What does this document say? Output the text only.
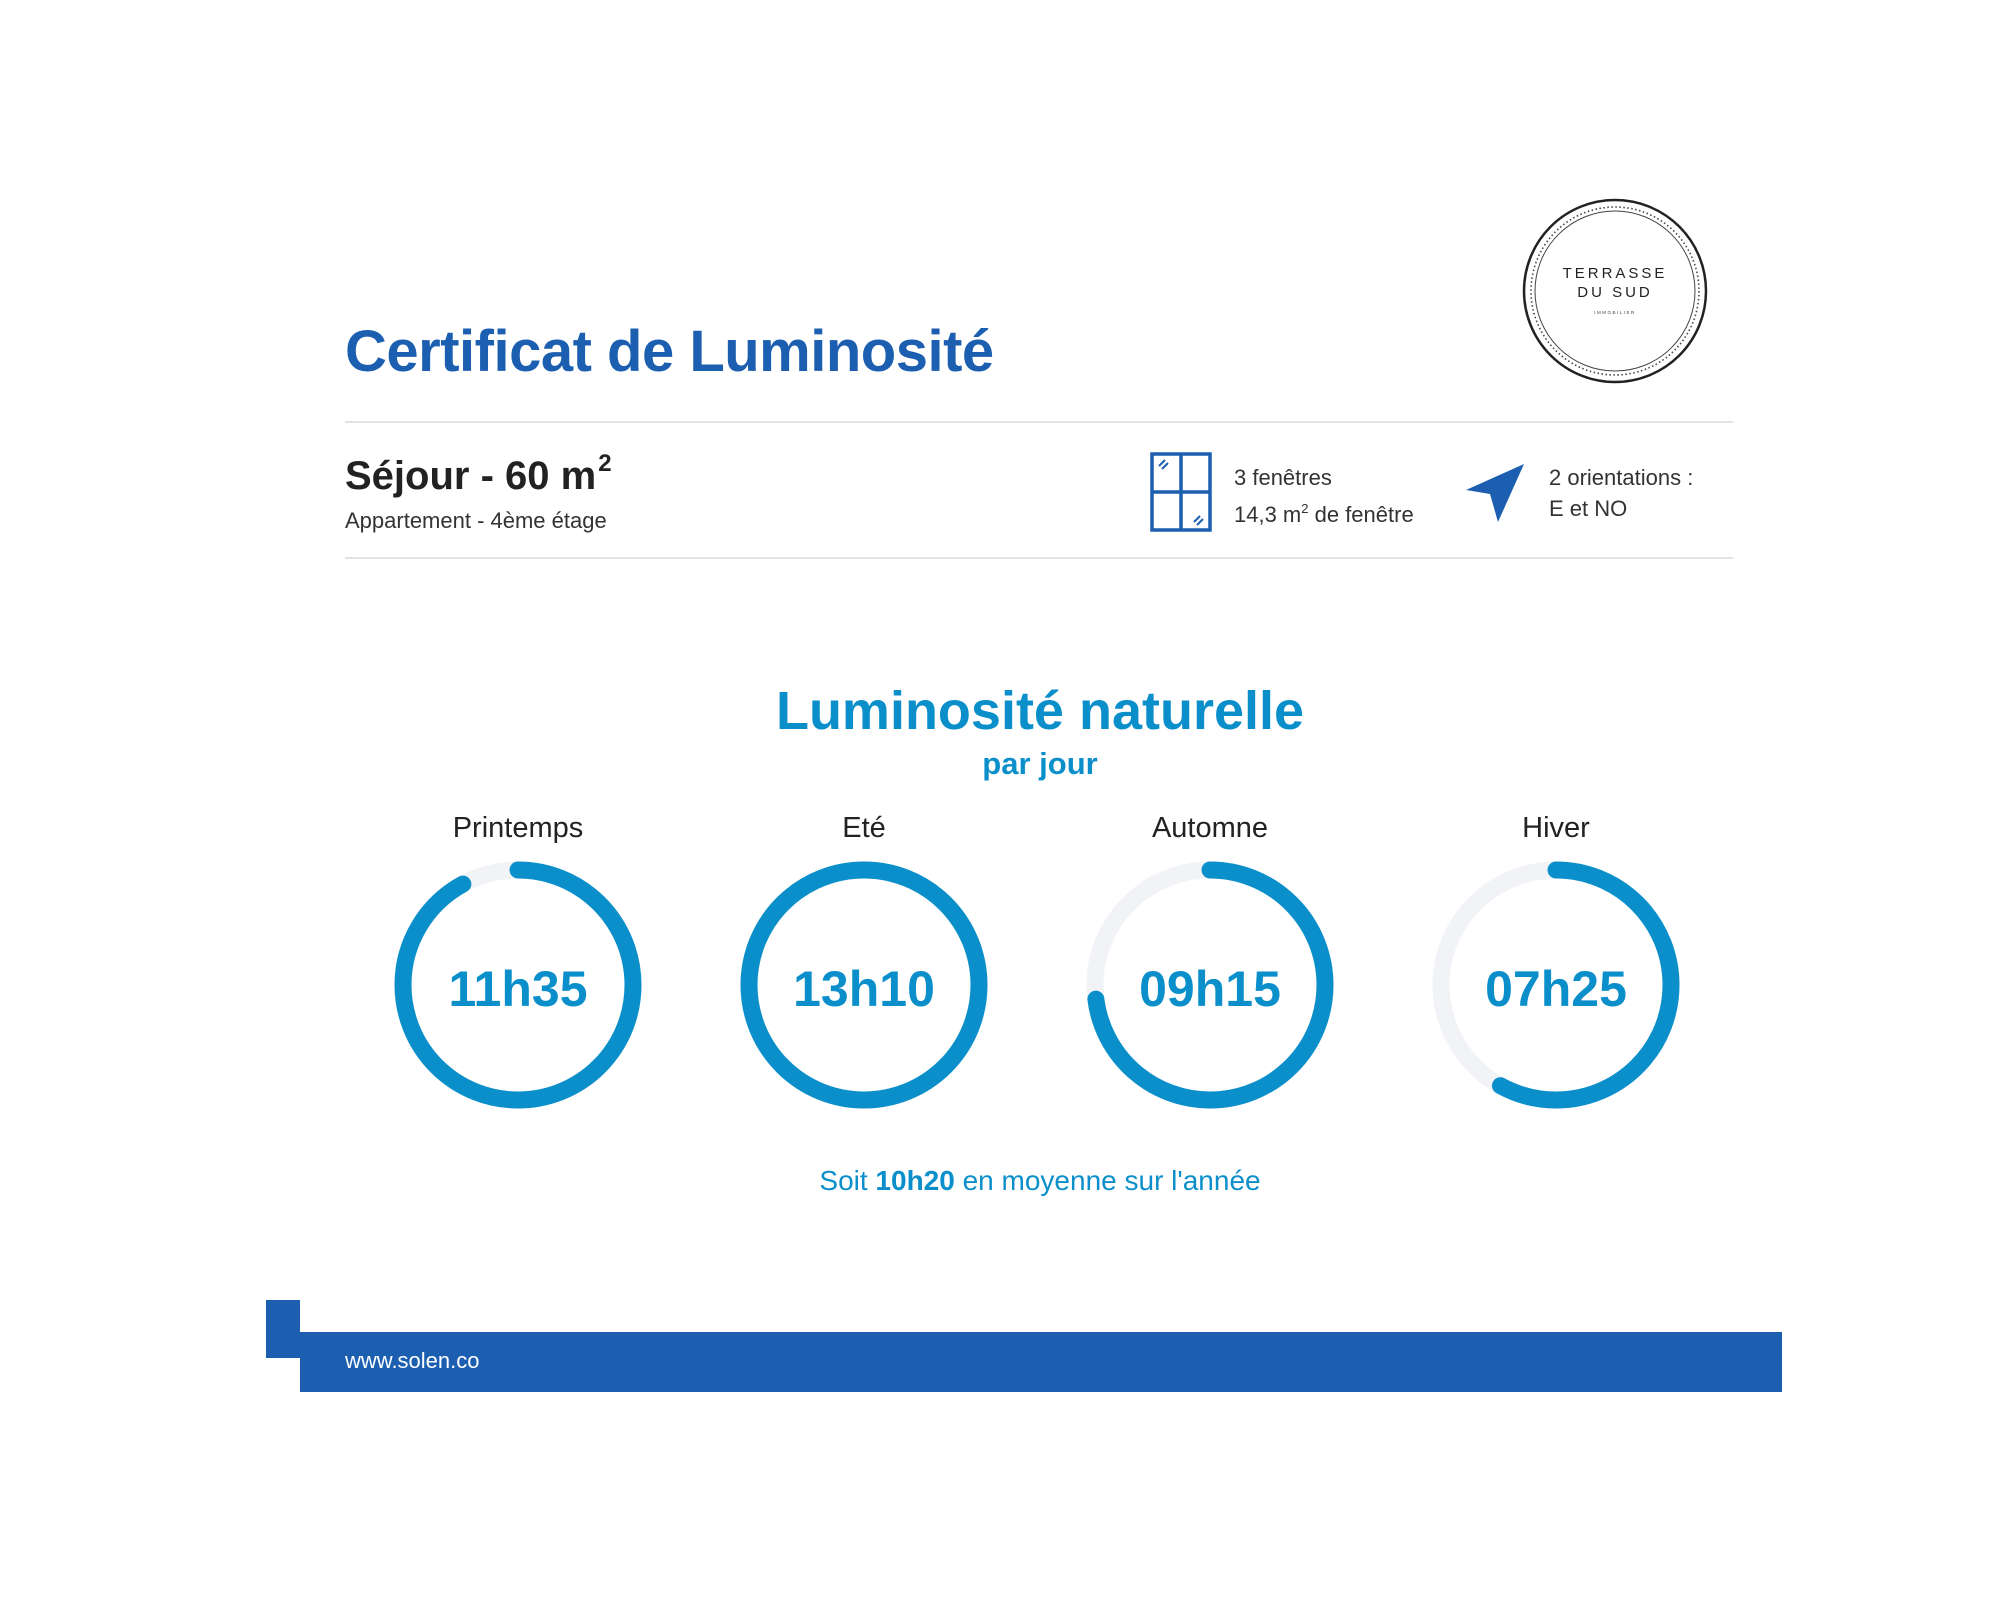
Certificat de Luminosité
TERRASSE
DU SUD
IMMOBILIER
Séjour - 60 $m^2$
Appartement - 4ème étage
3 fenêtres
14,3 $m^2$ de fenêtre
2 orientations :
E et NO
Luminosité naturelle
par jour
Printemps	Eté	Automne	Hiver
11h35	13h10	09h15	07h25
Soit 10h20 en moyenne sur l'année
www.solen.co
